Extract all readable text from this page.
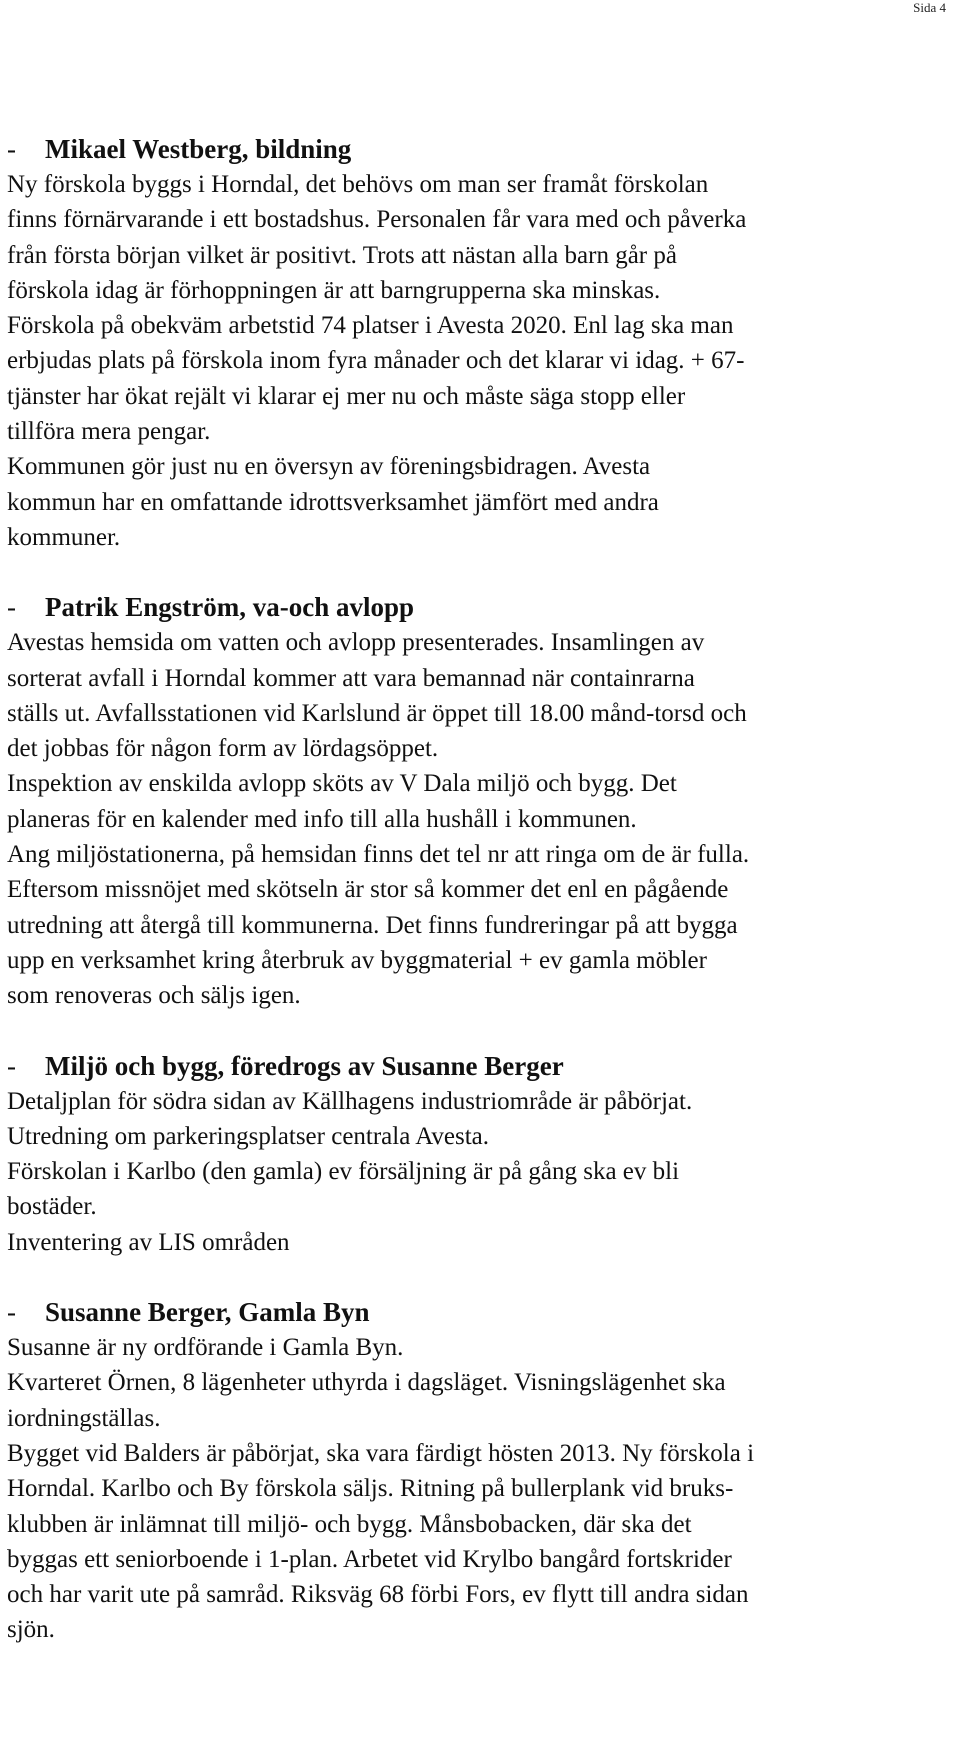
Sida 4

- Mikael Westberg, bildning

Ny förskola byggs i Horndal, det behövs om man ser framåt förskolan

finns förnärvarande i ett bostadshus. Personalen får vara med och påverka

från första början vilket är positivt. Trots att nästan alla barn går på

förskola idag är förhoppningen är att barngrupperna ska minskas.

Förskola på obekväm arbetstid 74 platser i Avesta 2020. Enl lag ska man

erbjudas plats på förskola inom fyra månader och det klarar vi idag. + 67-

tjänster har ökat rejält vi klarar ej mer nu och måste säga stopp eller

tillföra mera pengar.

Kommunen gör just nu en översyn av föreningsbidragen. Avesta

kommun har en omfattande idrottsverksamhet jämfört med andra

kommuner.

- Patrik Engström, va-och avlopp

Avestas hemsida om vatten och avlopp presenterades. Insamlingen av

sorterat avfall i Horndal kommer att vara bemannad när containrarna

ställs ut. Avfallsstationen vid Karlslund är öppet till 18.00 månd-torsd och

det jobbas för någon form av lördagsöppet.

Inspektion av enskilda avlopp sköts av V Dala miljö och bygg. Det

planeras för en kalender med info till alla hushåll i kommunen.

Ang miljöstationerna, på hemsidan finns det tel nr att ringa om de är fulla.

Eftersom missnöjet med skötseln är stor så kommer det enl en pågående

utredning att återgå till kommunerna. Det finns fundreringar på att bygga

upp en verksamhet kring återbruk av byggmaterial + ev gamla möbler

som renoveras och säljs igen.

- Miljö och bygg, föredrogs av Susanne Berger

Detaljplan för södra sidan av Källhagens industriområde är påbörjat.

Utredning om parkeringsplatser centrala Avesta.

Förskolan i Karlbo (den gamla) ev försäljning är på gång ska ev bli

bostäder.

Inventering av LIS områden

- Susanne Berger, Gamla Byn

Susanne är ny ordförande i Gamla Byn.

Kvarteret Örnen, 8 lägenheter uthyrda i dagsläget. Visningslägenhet ska

iordningställas.

Bygget vid Balders är påbörjat, ska vara färdigt hösten 2013. Ny förskola i

Horndal. Karlbo och By förskola säljs. Ritning på bullerplank vid bruks-

klubben är inlämnat till miljö- och bygg. Månsbobacken, där ska det

byggas ett seniorboende i 1-plan. Arbetet vid Krylbo bangård fortskrider

och har varit ute på samråd. Riksväg 68 förbi Fors, ev flytt till andra sidan

sjön.
